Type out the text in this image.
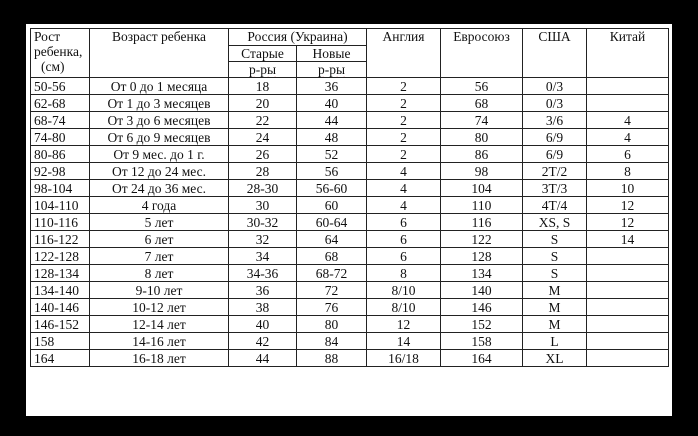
Рост
ребенка,
(см)	Возраст ребенка	Россия (Украина)		Англия	Евросоюз	США	Китай
		Старые	Новые				
		р-ры	р-ры				
50-56	От 0 до 1 месяца	18	36	2	56	0/3	
62-68	От 1 до 3 месяцев	20	40	2	68	0/3	
68-74	От 3 до 6 месяцев	22	44	2	74	3/6	4
74-80	От 6 до 9 месяцев	24	48	2	80	6/9	4
80-86	От 9 мес. до 1 г.	26	52	2	86	6/9	6
92-98	От 12 до 24 мес.	28	56	4	98	2T/2	8
98-104	От 24 до 36 мес.	28-30	56-60	4	104	3T/3	10
104-110	4 года	30	60	4	110	4T/4	12
110-116	5 лет	30-32	60-64	6	116	XS, S	12
116-122	6 лет	32	64	6	122	S	14
122-128	7 лет	34	68	6	128	S	
128-134	8 лет	34-36	68-72	8	134	S	
134-140	9-10 лет	36	72	8/10	140	M	
140-146	10-12 лет	38	76	8/10	146	M	
146-152	12-14 лет	40	80	12	152	M	
158	14-16 лет	42	84	14	158	L	
164	16-18 лет	44	88	16/18	164	XL	
